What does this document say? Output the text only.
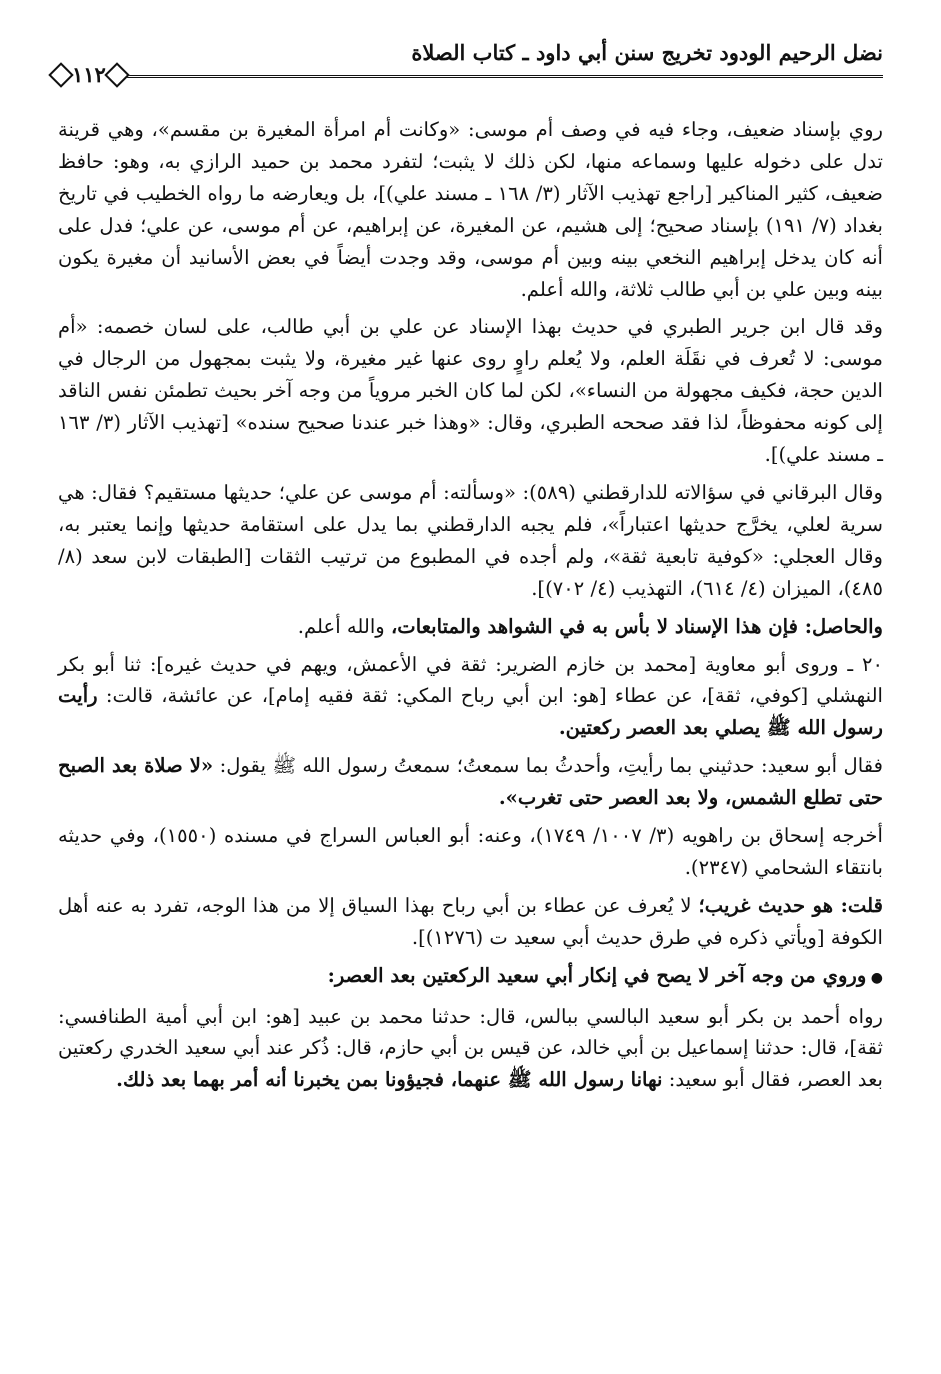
نضل الرحيم الودود تخريج سنن أبي داود ـ كتاب الصلاة
١١٢

روي بإسناد ضعيف، وجاء فيه في وصف أم موسى: «وكانت أم امرأة المغيرة بن مقسم»، وهي قرينة تدل على دخوله عليها وسماعه منها، لكن ذلك لا يثبت؛ لتفرد محمد بن حميد الرازي به، وهو: حافظ ضعيف، كثير المناكير [راجع تهذيب الآثار (٣/ ١٦٨ ـ مسند علي)]، بل ويعارضه ما رواه الخطيب في تاريخ بغداد (٧/ ١٩١) بإسناد صحيح؛ إلى هشيم، عن المغيرة، عن إبراهيم، عن أم موسى، عن علي؛ فدل على أنه كان يدخل إبراهيم النخعي بينه وبين أم موسى، وقد وجدت أيضاً في بعض الأسانيد أن مغيرة يكون بينه وبين علي بن أبي طالب ثلاثة، والله أعلم.

وقد قال ابن جرير الطبري في حديث بهذا الإسناد عن علي بن أبي طالب، على لسان خصمه: «أم موسى: لا تُعرف في نقَلَة العلم، ولا يُعلم راوٍ روى عنها غير مغيرة، ولا يثبت بمجهول من الرجال في الدين حجة، فكيف مجهولة من النساء»، لكن لما كان الخبر مروياً من وجه آخر بحيث تطمئن نفس الناقد إلى كونه محفوظاً، لذا فقد صححه الطبري، وقال: «وهذا خبر عندنا صحيح سنده» [تهذيب الآثار (٣/ ١٦٣ ـ مسند علي)].

وقال البرقاني في سؤالاته للدارقطني (٥٨٩): «وسألته: أم موسى عن علي؛ حديثها مستقيم؟ فقال: هي سرية لعلي، يخرَّج حديثها اعتباراً»، فلم يجبه الدارقطني بما يدل على استقامة حديثها وإنما يعتبر به، وقال العجلي: «كوفية تابعية ثقة»، ولم أجده في المطبوع من ترتيب الثقات [الطبقات لابن سعد (٨/ ٤٨٥)، الميزان (٤/ ٦١٤)، التهذيب (٤/ ٧٠٢)].

والحاصل: فإن هذا الإسناد لا بأس به في الشواهد والمتابعات، والله أعلم.

٢٠ ـ وروى أبو معاوية [محمد بن خازم الضرير: ثقة في الأعمش، ويهم في حديث غيره]: ثنا أبو بكر النهشلي [كوفي، ثقة]، عن عطاء [هو: ابن أبي رباح المكي: ثقة فقيه إمام]، عن عائشة، قالت: رأيت رسول الله ﷺ يصلي بعد العصر ركعتين.

فقال أبو سعيد: حدثيني بما رأيتِ، وأحدثُ بما سمعتُ؛ سمعتُ رسول الله ﷺ يقول: «لا صلاة بعد الصبح حتى تطلع الشمس، ولا بعد العصر حتى تغرب».

أخرجه إسحاق بن راهويه (٣/ ١٠٠٧/ ١٧٤٩)، وعنه: أبو العباس السراج في مسنده (١٥٥٠)، وفي حديثه بانتقاء الشحامي (٢٣٤٧).

قلت: هو حديث غريب؛ لا يُعرف عن عطاء بن أبي رباح بهذا السياق إلا من هذا الوجه، تفرد به عنه أهل الكوفة [ويأتي ذكره في طرق حديث أبي سعيد ت (١٢٧٦)].

● وروي من وجه آخر لا يصح في إنكار أبي سعيد الركعتين بعد العصر:

رواه أحمد بن بكر أبو سعيد البالسي ببالس، قال: حدثنا محمد بن عبيد [هو: ابن أبي أمية الطنافسي: ثقة]، قال: حدثنا إسماعيل بن أبي خالد، عن قيس بن أبي حازم، قال: ذُكر عند أبي سعيد الخدري ركعتين بعد العصر، فقال أبو سعيد: نهانا رسول الله ﷺ عنهما، فجيؤونا بمن يخبرنا أنه أمر بهما بعد ذلك.
